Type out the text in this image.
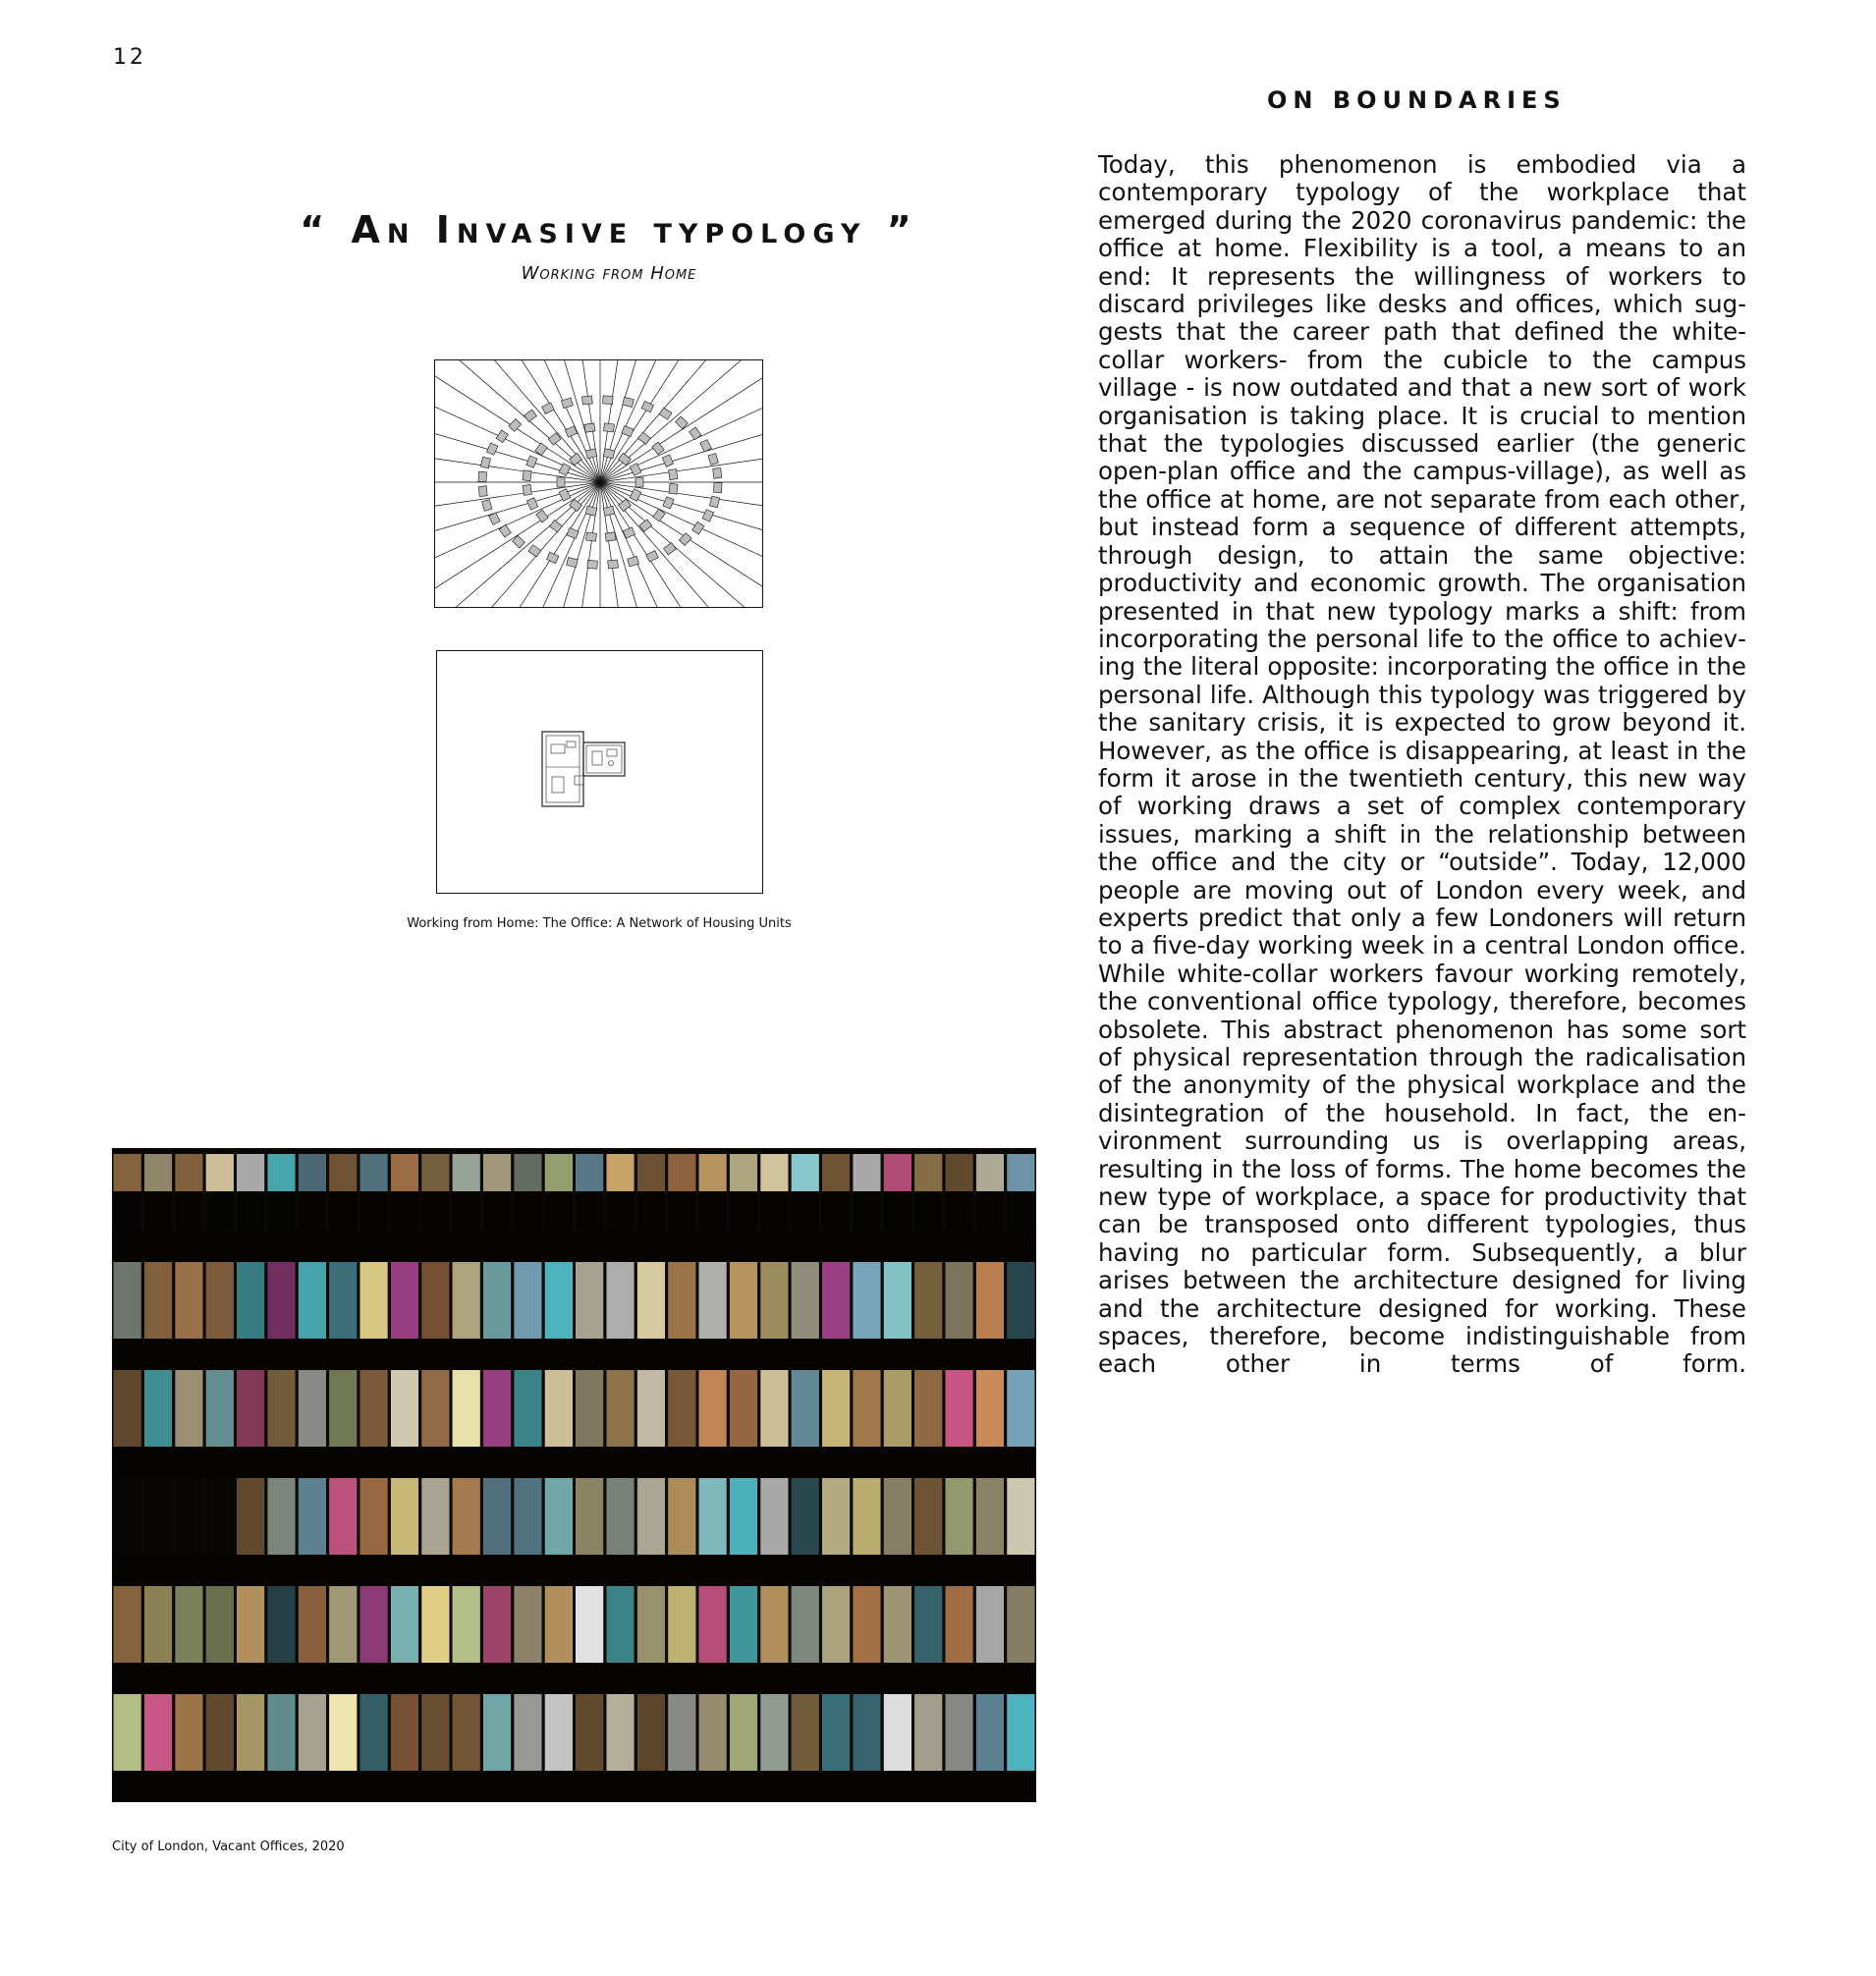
12
ON BOUNDARIES
“ An Invasive typology ”
Working from Home
Working from Home: The Office: A Network of Housing Units
City of London, Vacant Offices, 2020

Today, this phenomenon is embodied via a contemporary typology of the workplace that emerged during the 2020 coronavirus pandemic: the office at home. Flexibility is a tool, a means to an end: It represents the willingness of workers to discard privileges like desks and offices, which suggests that the career path that defined the white-collar workers- from the cubicle to the campus village - is now outdated and that a new sort of work organisation is taking place. It is crucial to mention that the typologies discussed earlier (the generic open-plan office and the campus-village), as well as the office at home, are not separate from each other, but instead form a sequence of different attempts, through design, to attain the same objective: productivity and economic growth. The organisation presented in that new typology marks a shift: from incorporating the personal life to the office to achieving the literal opposite: incorporating the office in the personal life. Although this typology was triggered by the sanitary crisis, it is expected to grow beyond it. However, as the office is disappearing, at least in the form it arose in the twentieth century, this new way of working draws a set of complex contemporary issues, marking a shift in the relationship between the office and the city or “outside”. Today, 12,000 people are moving out of London every week, and experts predict that only a few Londoners will return to a five-day working week in a central London office. While white-collar workers favour working remotely, the conventional office typology, therefore, becomes obsolete. This abstract phenomenon has some sort of physical representation through the radicalisation of the anonymity of the physical workplace and the disintegration of the household. In fact, the environment surrounding us is overlapping areas, resulting in the loss of forms. The home becomes the new type of workplace, a space for productivity that can be transposed onto different typologies, thus having no particular form. Subsequently, a blur arises between the architecture designed for living and the architecture designed for working. These spaces, therefore, become indistinguishable from each other in terms of form.
